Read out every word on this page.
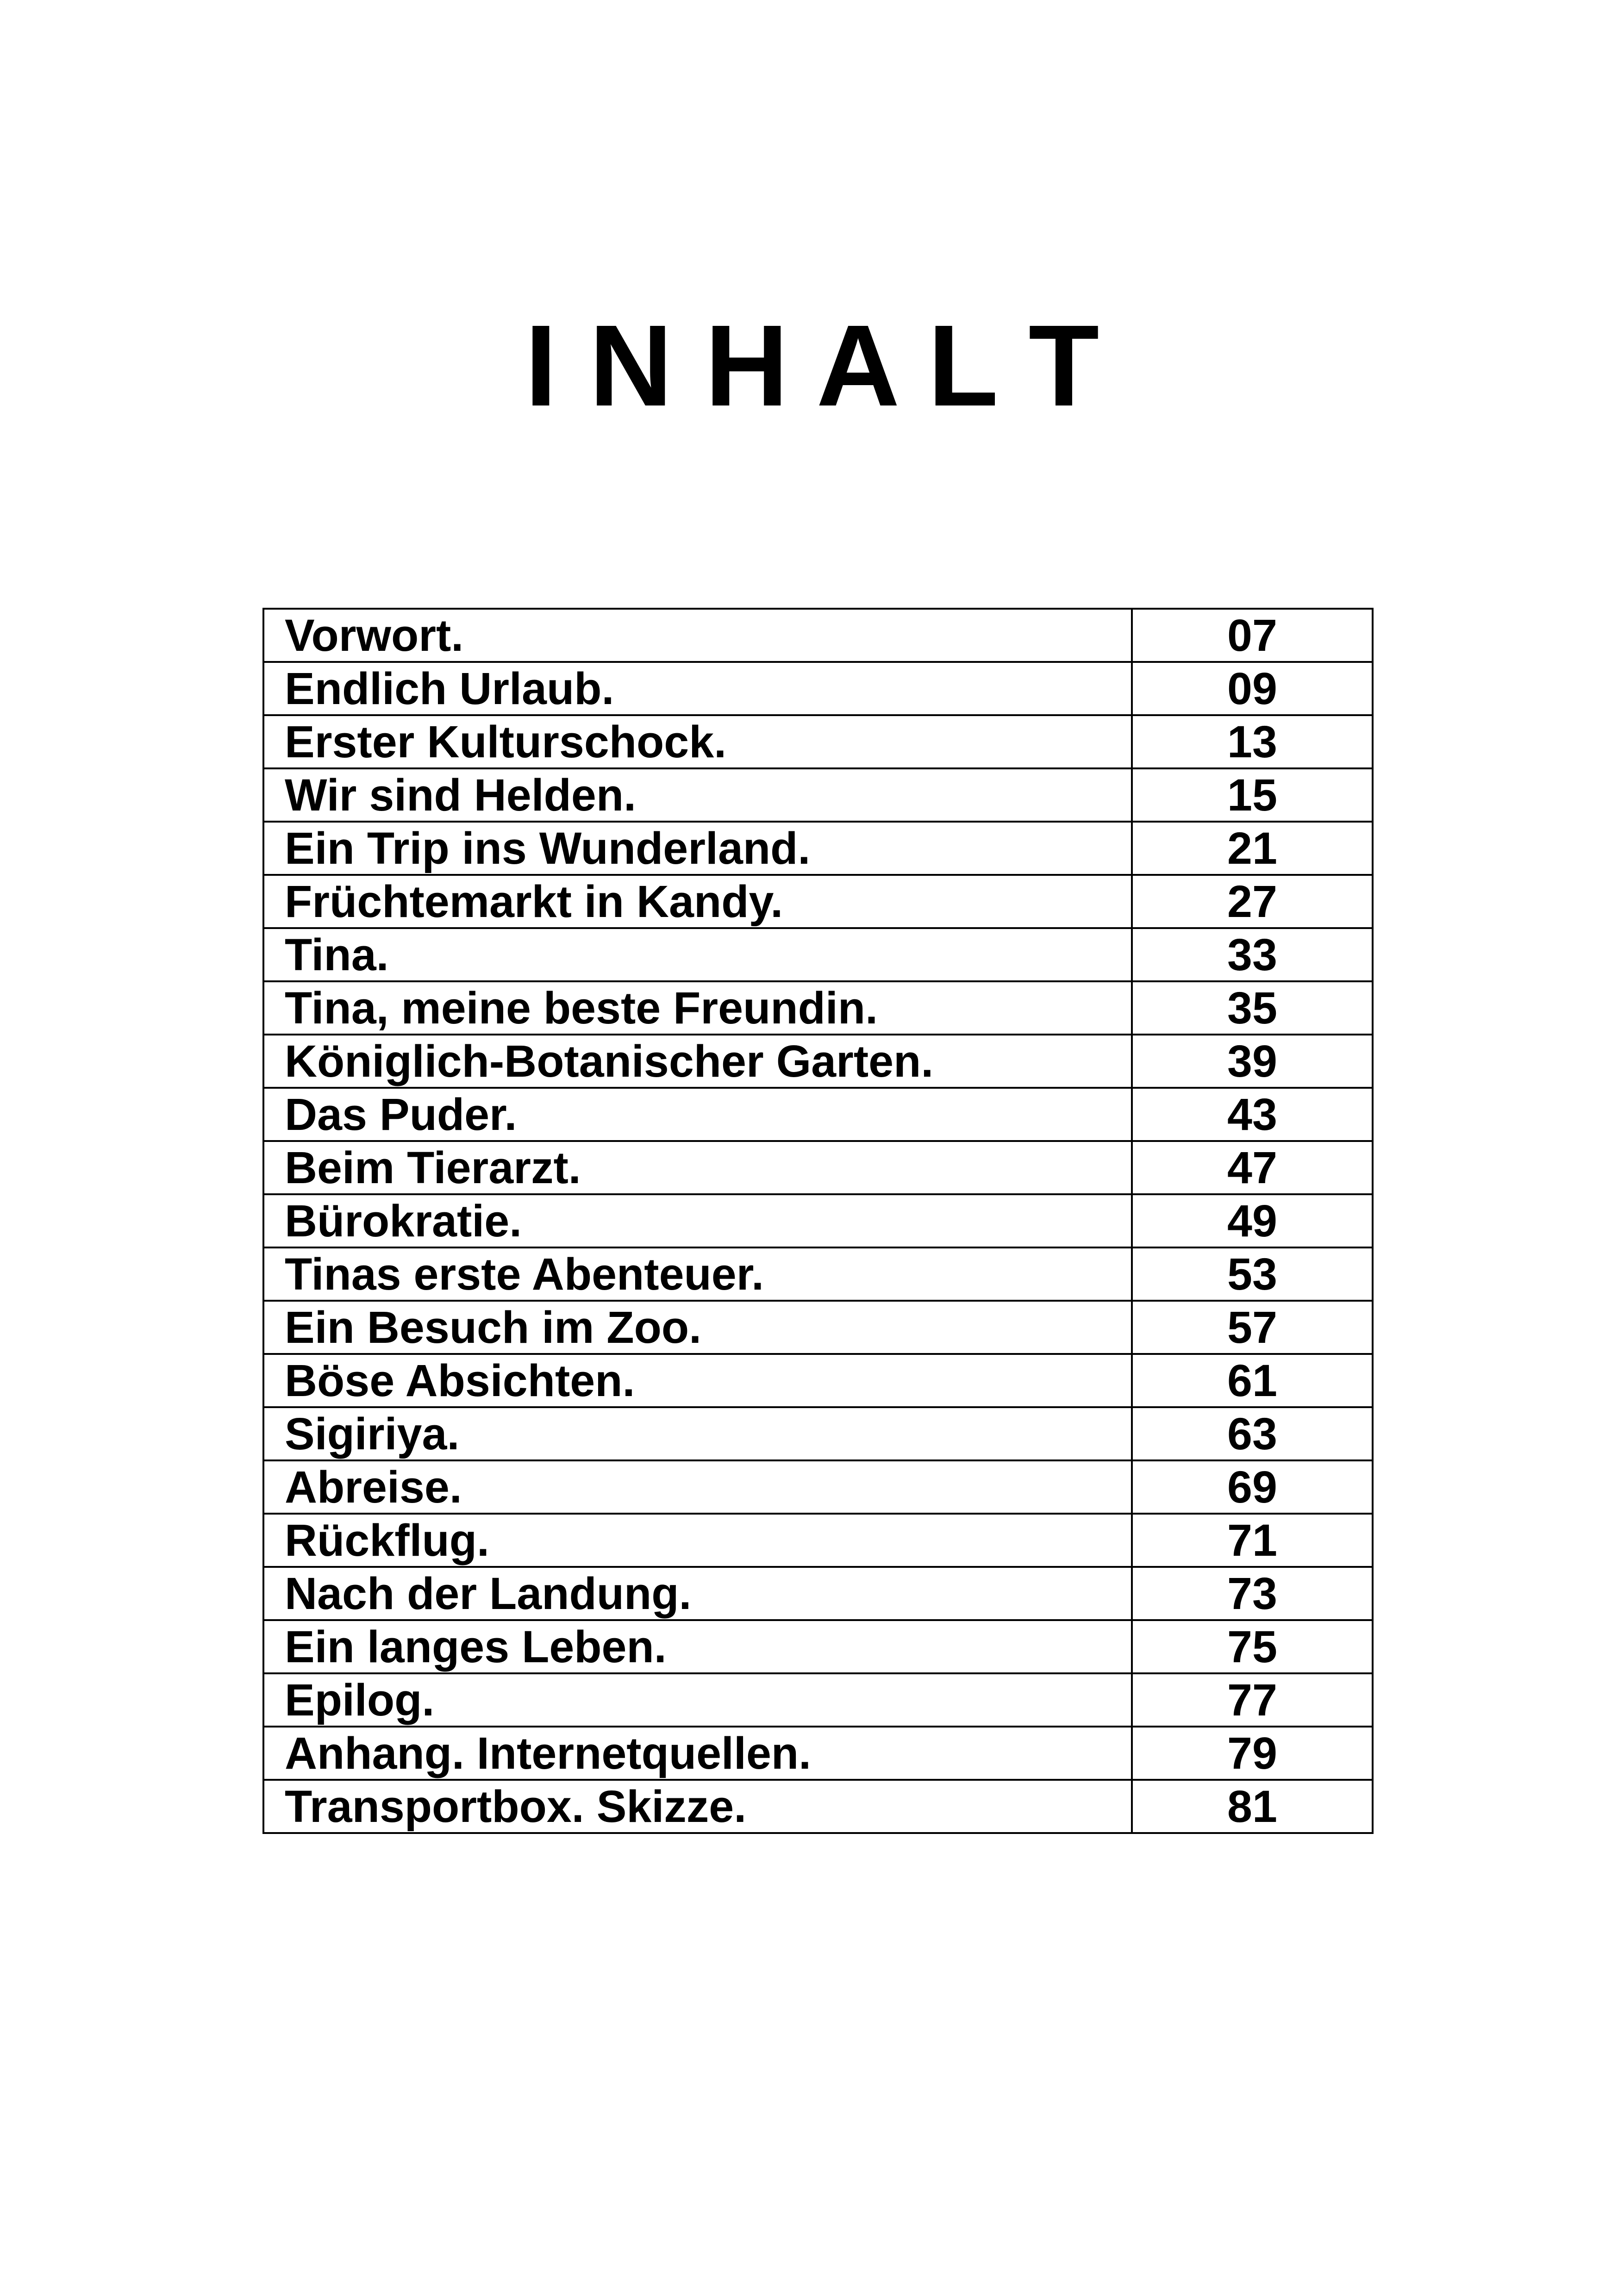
I N H A L T
Vorwort.	07
Endlich Urlaub.	09
Erster Kulturschock.	13
Wir sind Helden.	15
Ein Trip ins Wunderland.	21
Früchtemarkt in Kandy.	27
Tina.	33
Tina, meine beste Freundin.	35
Königlich-Botanischer Garten.	39
Das Puder.	43
Beim Tierarzt.	47
Bürokratie.	49
Tinas erste Abenteuer.	53
Ein Besuch im Zoo.	57
Böse Absichten.	61
Sigiriya.	63
Abreise.	69
Rückflug.	71
Nach der Landung.	73
Ein langes Leben.	75
Epilog.	77
Anhang. Internetquellen.	79
Transportbox. Skizze.	81
